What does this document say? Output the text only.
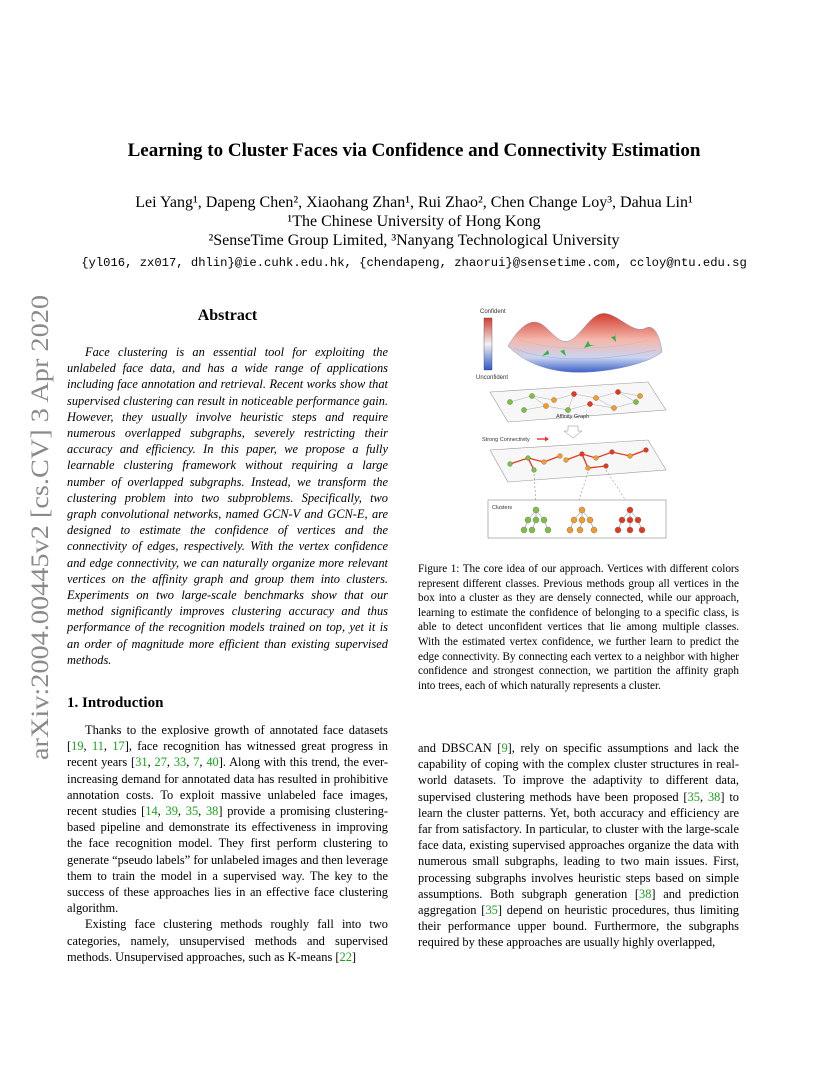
arXiv:2004.00445v2 [cs.CV] 3 Apr 2020
Learning to Cluster Faces via Confidence and Connectivity Estimation
Lei Yang¹, Dapeng Chen², Xiaohang Zhan¹, Rui Zhao², Chen Change Loy³, Dahua Lin¹
¹The Chinese University of Hong Kong
²SenseTime Group Limited, ³Nanyang Technological University
{yl016, zx017, dhlin}@ie.cuhk.edu.hk, {chendapeng, zhaorui}@sensetime.com, ccloy@ntu.edu.sg
Abstract
Face clustering is an essential tool for exploiting the unlabeled face data, and has a wide range of applications including face annotation and retrieval. Recent works show that supervised clustering can result in noticeable performance gain. However, they usually involve heuristic steps and require numerous overlapped subgraphs, severely restricting their accuracy and efficiency. In this paper, we propose a fully learnable clustering framework without requiring a large number of overlapped subgraphs. Instead, we transform the clustering problem into two subproblems. Specifically, two graph convolutional networks, named GCN-V and GCN-E, are designed to estimate the confidence of vertices and the connectivity of edges, respectively. With the vertex confidence and edge connectivity, we can naturally organize more relevant vertices on the affinity graph and group them into clusters. Experiments on two large-scale benchmarks show that our method significantly improves clustering accuracy and thus performance of the recognition models trained on top, yet it is an order of magnitude more efficient than existing supervised methods.
1. Introduction

Thanks to the explosive growth of annotated face datasets [19, 11, 17], face recognition has witnessed great progress in recent years [31, 27, 33, 7, 40]. Along with this trend, the ever-increasing demand for annotated data has resulted in prohibitive annotation costs. To exploit massive unlabeled face images, recent studies [14, 39, 35, 38] provide a promising clustering-based pipeline and demonstrate its effectiveness in improving the face recognition model. They first perform clustering to generate “pseudo labels” for unlabeled images and then leverage them to train the model in a supervised way. The key to the success of these approaches lies in an effective face clustering algorithm.

Existing face clustering methods roughly fall into two categories, namely, unsupervised methods and supervised methods. Unsupervised approaches, such as K-means [22]

Confident
Unconfident
Affinity Graph
Strong Connectivity
Clusters
Figure 1: The core idea of our approach. Vertices with different colors represent different classes. Previous methods group all vertices in the box into a cluster as they are densely connected, while our approach, learning to estimate the confidence of belonging to a specific class, is able to detect unconfident vertices that lie among multiple classes. With the estimated vertex confidence, we further learn to predict the edge connectivity. By connecting each vertex to a neighbor with higher confidence and strongest connection, we partition the affinity graph into trees, each of which naturally represents a cluster.

and DBSCAN [9], rely on specific assumptions and lack the capability of coping with the complex cluster structures in real-world datasets. To improve the adaptivity to different data, supervised clustering methods have been proposed [35, 38] to learn the cluster patterns. Yet, both accuracy and efficiency are far from satisfactory. In particular, to cluster with the large-scale face data, existing supervised approaches organize the data with numerous small subgraphs, leading to two main issues. First, processing subgraphs involves heuristic steps based on simple assumptions. Both subgraph generation [38] and prediction aggregation [35] depend on heuristic procedures, thus limiting their performance upper bound. Furthermore, the subgraphs required by these approaches are usually highly overlapped,
